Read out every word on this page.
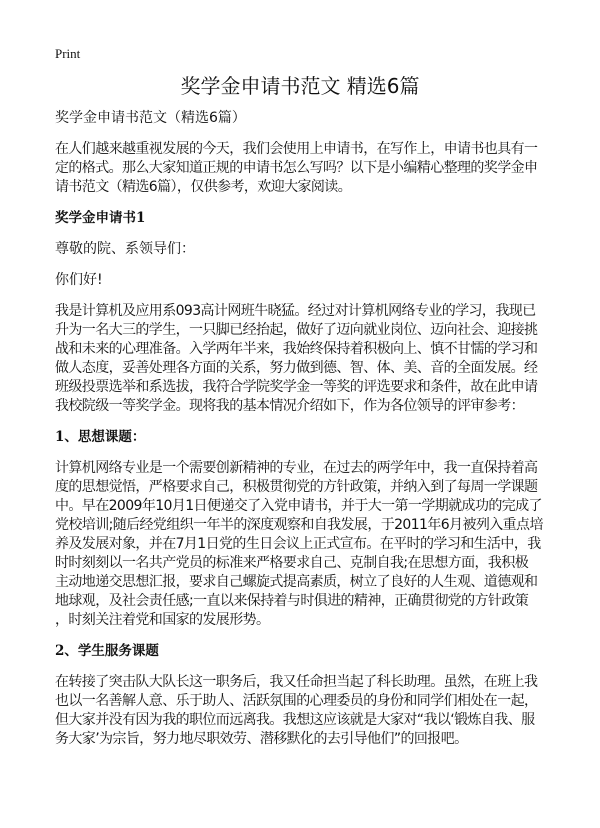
Print
奖学金申请书范文 精选6篇
奖学金申请书范文（精选6篇）
在人们越来越重视发展的今天，我们会使用上申请书，在写作上，申请书也具有一
定的格式。那么大家知道正规的申请书怎么写吗？以下是小编精心整理的奖学金申
请书范文（精选6篇），仅供参考，欢迎大家阅读。
奖学金申请书1
尊敬的院、系领导们：
你们好!
我是计算机及应用系093高计网班牛晓猛。经过对计算机网络专业的学习，我现已
升为一名大三的学生，一只脚已经抬起，做好了迈向就业岗位、迈向社会、迎接挑
战和未来的心理准备。入学两年半来，我始终保持着积极向上、慎不甘懦的学习和
做人态度，妥善处理各方面的关系，努力做到德、智、体、美、音的全面发展。经
班级投票选举和系选拔，我符合学院奖学金一等奖的评选要求和条件，故在此申请
我校院级一等奖学金。现将我的基本情况介绍如下，作为各位领导的评审参考：
1、思想课题：
计算机网络专业是一个需要创新精神的专业，在过去的两学年中，我一直保持着高
度的思想觉悟，严格要求自己，积极贯彻党的方针政策，并纳入到了每周一学课题
中。早在2009年10月1日便递交了入党申请书，并于大一第一学期就成功的完成了
党校培训;随后经党组织一年半的深度观察和自我发展，于2011年6月被列入重点培
养及发展对象，并在7月1日党的生日会议上正式宣布。在平时的学习和生活中，我
时时刻刻以一名共产党员的标准来严格要求自己、克制自我;在思想方面，我积极
主动地递交思想汇报，要求自己螺旋式提高素质，树立了良好的人生观、道德观和
地球观，及社会责任感;一直以来保持着与时俱进的精神，正确贯彻党的方针政策
，时刻关注着党和国家的发展形势。
2、学生服务课题
在转接了突击队大队长这一职务后，我又任命担当起了科长助理。虽然，在班上我
也以一名善解人意、乐于助人、活跃氛围的心理委员的身份和同学们相处在一起，
但大家并没有因为我的职位而远离我。我想这应该就是大家对“我以‘锻炼自我、服
务大家’为宗旨，努力地尽职效劳、潜移默化的去引导他们”的回报吧。
